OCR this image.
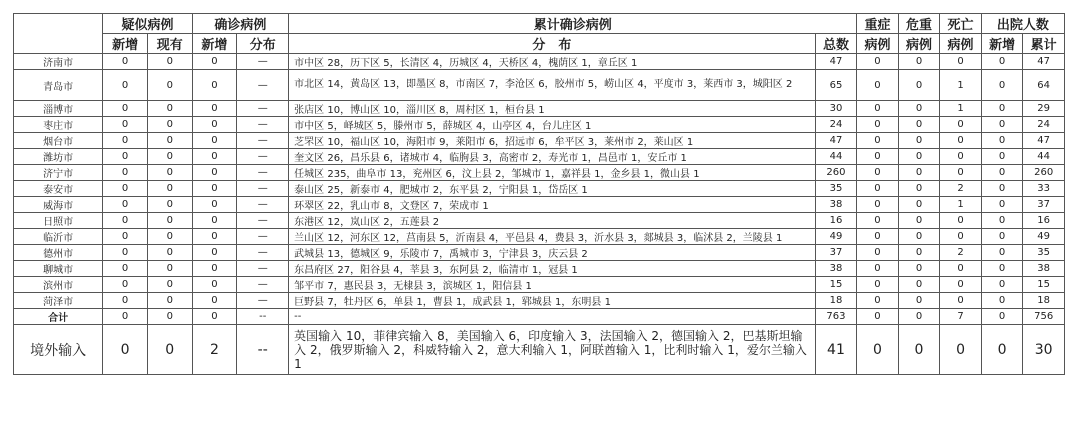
	疑似病例		确诊病例		累计确诊病例		重症	危重	死亡	出院人数	
	新增	现有	新增	分布	分　布	总数	病例	病例	病例	新增	累计
济南市	0	0	0	—	市中区 28，历下区 5，长清区 4，历城区 4，天桥区 4，槐荫区 1，章丘区 1	47	0	0	0	0	47
青岛市	0	0	0	—	市北区 14，黄岛区 13，即墨区 8，市南区 7，李沧区 6，胶州市 5，崂山区 4，平度市 3，莱西市 3，城阳区 2	65	0	0	1	0	64
淄博市	0	0	0	—	张店区 10，博山区 10，淄川区 8，周村区 1，桓台县 1	30	0	0	1	0	29
枣庄市	0	0	0	—	市中区 5，峄城区 5，滕州市 5，薛城区 4，山亭区 4，台儿庄区 1	24	0	0	0	0	24
烟台市	0	0	0	—	芝罘区 10，福山区 10，海阳市 9，莱阳市 6，招远市 6，牟平区 3，莱州市 2，莱山区 1	47	0	0	0	0	47
潍坊市	0	0	0	—	奎文区 26，昌乐县 6，诸城市 4，临朐县 3，高密市 2，寿光市 1，昌邑市 1，安丘市 1	44	0	0	0	0	44
济宁市	0	0	0	—	任城区 235，曲阜市 13，兖州区 6，汶上县 2，邹城市 1，嘉祥县 1，金乡县 1，微山县 1	260	0	0	0	0	260
泰安市	0	0	0	—	泰山区 25，新泰市 4，肥城市 2，东平县 2，宁阳县 1，岱岳区 1	35	0	0	2	0	33
威海市	0	0	0	—	环翠区 22，乳山市 8，文登区 7，荣成市 1	38	0	0	1	0	37
日照市	0	0	0	—	东港区 12，岚山区 2，五莲县 2	16	0	0	0	0	16
临沂市	0	0	0	—	兰山区 12，河东区 12，莒南县 5，沂南县 4，平邑县 4，费县 3，沂水县 3，郯城县 3，临沭县 2，兰陵县 1	49	0	0	0	0	49
德州市	0	0	0	—	武城县 13，德城区 9，乐陵市 7，禹城市 3，宁津县 3，庆云县 2	37	0	0	2	0	35
聊城市	0	0	0	—	东昌府区 27，阳谷县 4，莘县 3，东阿县 2，临清市 1，冠县 1	38	0	0	0	0	38
滨州市	0	0	0	—	邹平市 7，惠民县 3，无棣县 3，滨城区 1，阳信县 1	15	0	0	0	0	15
菏泽市	0	0	0	—	巨野县 7，牡丹区 6，单县 1，曹县 1，成武县 1，郓城县 1，东明县 1	18	0	0	0	0	18
合计	0	0	0	--	--	763	0	0	7	0	756
境外输入	0	0	2	--	英国输入 10，菲律宾输入 8，美国输入 6，印度输入 3，法国输入 2，德国输入 2，巴基斯坦输入 2，俄罗斯输入 2，科威特输入 2，意大利输入 1，阿联酋输入 1，比利时输入 1，爱尔兰输入 1	41	0	0	0	0	30
